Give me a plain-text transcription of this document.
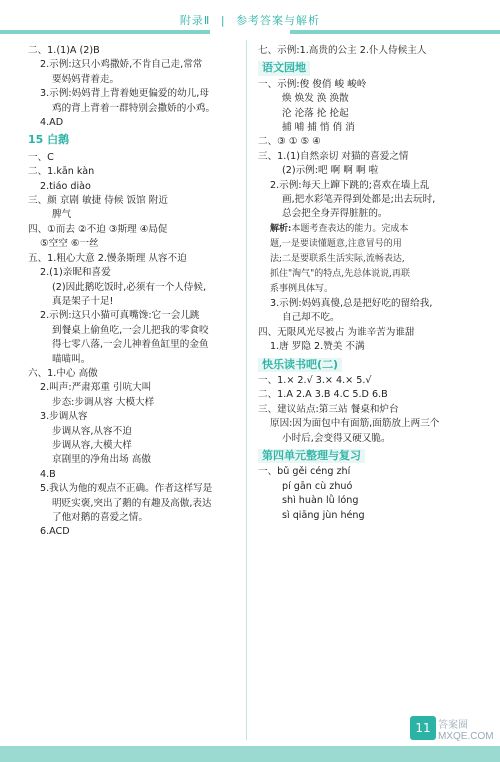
附录Ⅱ | 参考答案与解析
二、1.(1)A (2)B
2.示例:这只小鸡撒娇,不肯自己走,常常
要妈妈背着走。
3.示例:妈妈背上背着她更偏爱的幼儿,母
鸡的背上背着一群特别会撒娇的小鸡。
4.AD
15 白鹅
一、C
二、1.kān kàn
2.tiáo diào
三、颜 京剧 敏捷 侍候 饭馆 附近
脾气
四、①而去 ②不迫 ③斯理 ④局促
⑤空空 ⑥一丝
五、1.粗心大意 2.慢条斯理 从容不迫
2.(1)亲昵和喜爱
(2)因此鹅吃饭时,必须有一个人侍候,
真是架子十足!
2.示例:这只小猫可真嘴馋:它一会儿跳
到餐桌上偷鱼吃,一会儿把我的零食咬
得七零八落,一会儿神着鱼缸里的金鱼
喵喵叫。
六、1.中心 高傲
2.叫声:严肃郑重 引吭大叫
步态:步调从容 大模大样
3.步调从容
步调从容,从容不迫
步调从容,大模大样
京剧里的净角出场 高傲
4.B
5.我认为他的观点不正确。作者这样写是
明贬实褒,突出了鹅的有趣及高傲,表达
了他对鹅的喜爱之情。
6.ACD
七、示例:1.高贵的公主 2.仆人侍候主人
语文园地
一、示例:俊 俊俏 峻 峻岭
焕 焕发 涣 涣散
沦 沦落 抡 抡起
捕 哺 捕 悄 俏 消
二、③ ① ⑤ ④
三、1.(1)自然亲切 对猫的喜爱之情
(2)示例:吧 啊 啊 啊 啦
2.示例:每天上蹿下跳的;喜欢在墙上乱
画,把水彩笔弄得到处都是;出去玩时,
总会把全身弄得脏脏的。
解析:本题考查表达的能力。完成本
题,一是要读懂题意,注意冒号的用
法;二是要联系生活实际,流畅表达,
抓住"淘气"的特点,先总体说说,再联
系事例具体写。
3.示例:妈妈真傻,总是把好吃的留给我,
自己却不吃。
四、无限风光尽被占 为谁辛苦为谁甜
1.唐 罗隐 2.赞美 不满
快乐读书吧(二)
一、1.× 2.√ 3.× 4.× 5.√
二、1.A 2.A 3.B 4.C 5.D 6.B
三、建议站点:第三站 餐桌和炉台
原因:因为面包中有面筋,面筋放上两三个
小时后,会变得又硬又脆。
第四单元整理与复习
一、bǔ gěi céng zhí
pí gān cù zhuó
shì huàn lǜ lóng
sì qiāng jùn héng
11 答案圈 MXQE.COM
